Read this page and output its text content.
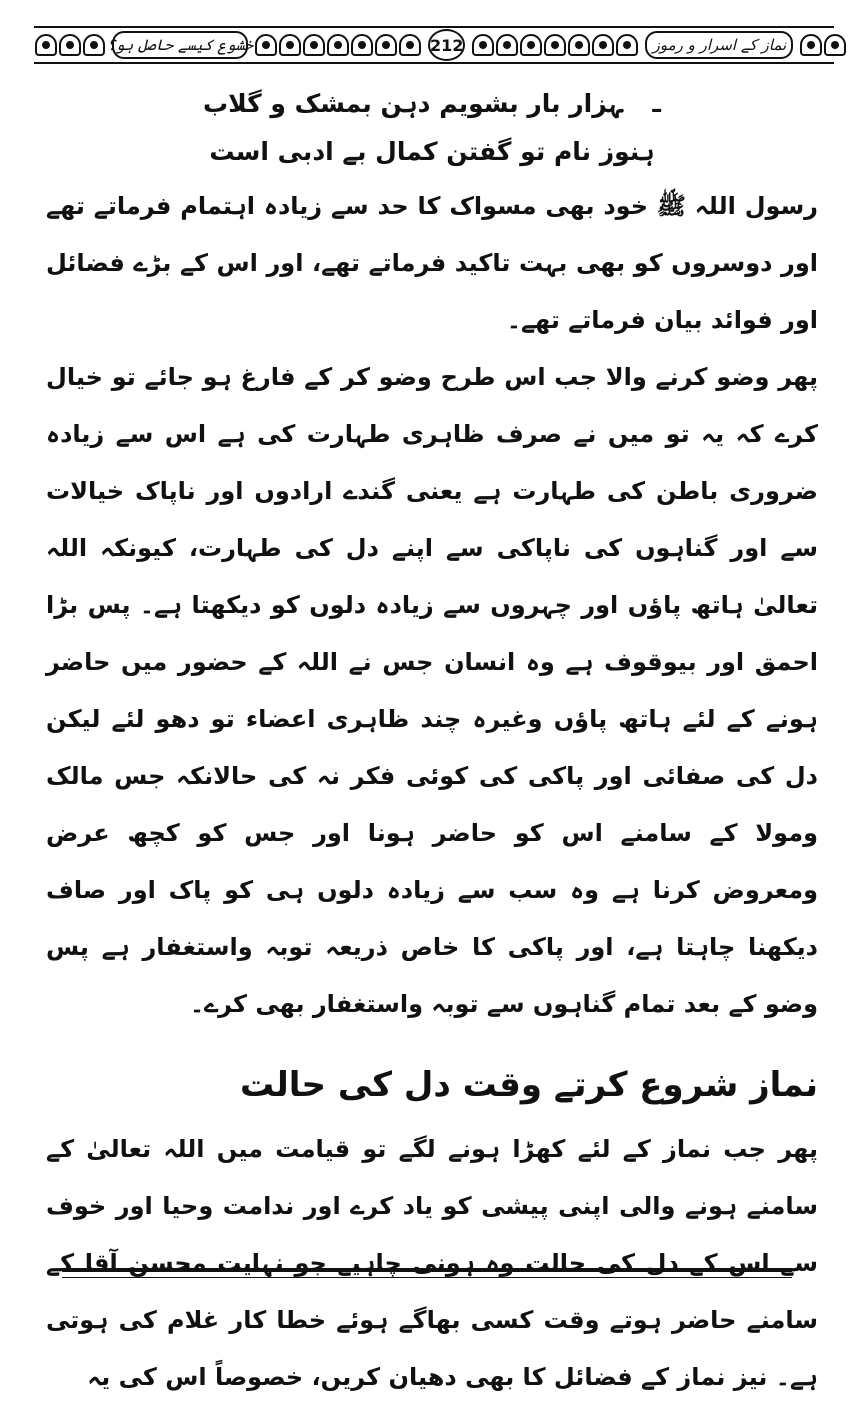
خشوع کیسے حاصل ہو؟	212	نماز کے اسرار و رموز
ـہزار بار بشویم دہن بمشک و گلاب
ہنوز نام تو گفتن کمال بے ادبی است

رسول اللہ ﷺ خود بھی مسواک کا حد سے زیادہ اہتمام فرماتے تھے اور دوسروں کو بھی بہت تاکید فرماتے تھے، اور اس کے بڑے فضائل اور فوائد بیان فرماتے تھے۔

پھر وضو کرنے والا جب اس طرح وضو کر کے فارغ ہو جائے تو خیال کرے کہ یہ تو میں نے صرف ظاہری طہارت کی ہے اس سے زیادہ ضروری باطن کی طہارت ہے یعنی گندے ارادوں اور ناپاک خیالات سے اور گناہوں کی ناپاکی سے اپنے دل کی طہارت، کیونکہ اللہ تعالیٰ ہاتھ پاؤں اور چہروں سے زیادہ دلوں کو دیکھتا ہے۔ پس بڑا احمق اور بیوقوف ہے وہ انسان جس نے اللہ کے حضور میں حاضر ہونے کے لئے ہاتھ پاؤں وغیرہ چند ظاہری اعضاء تو دھو لئے لیکن دل کی صفائی اور پاکی کی کوئی فکر نہ کی حالانکہ جس مالک ومولا کے سامنے اس کو حاضر ہونا اور جس کو کچھ عرض ومعروض کرنا ہے وہ سب سے زیادہ دلوں ہی کو پاک اور صاف دیکھنا چاہتا ہے، اور پاکی کا خاص ذریعہ توبہ واستغفار ہے پس وضو کے بعد تمام گناہوں سے توبہ واستغفار بھی کرے۔

نماز شروع کرتے وقت دل کی حالت

پھر جب نماز کے لئے کھڑا ہونے لگے تو قیامت میں اللہ تعالیٰ کے سامنے ہونے والی اپنی پیشی کو یاد کرے اور ندامت وحیا اور خوف سے اس کے دل کی حالت وہ ہونی چاہیے جو نہایت محسن آقا کے سامنے حاضر ہوتے وقت کسی بھاگے ہوئے خطا کار غلام کی ہوتی ہے۔ نیز نماز کے فضائل کا بھی دھیان کریں، خصوصاً اس کی یہ
